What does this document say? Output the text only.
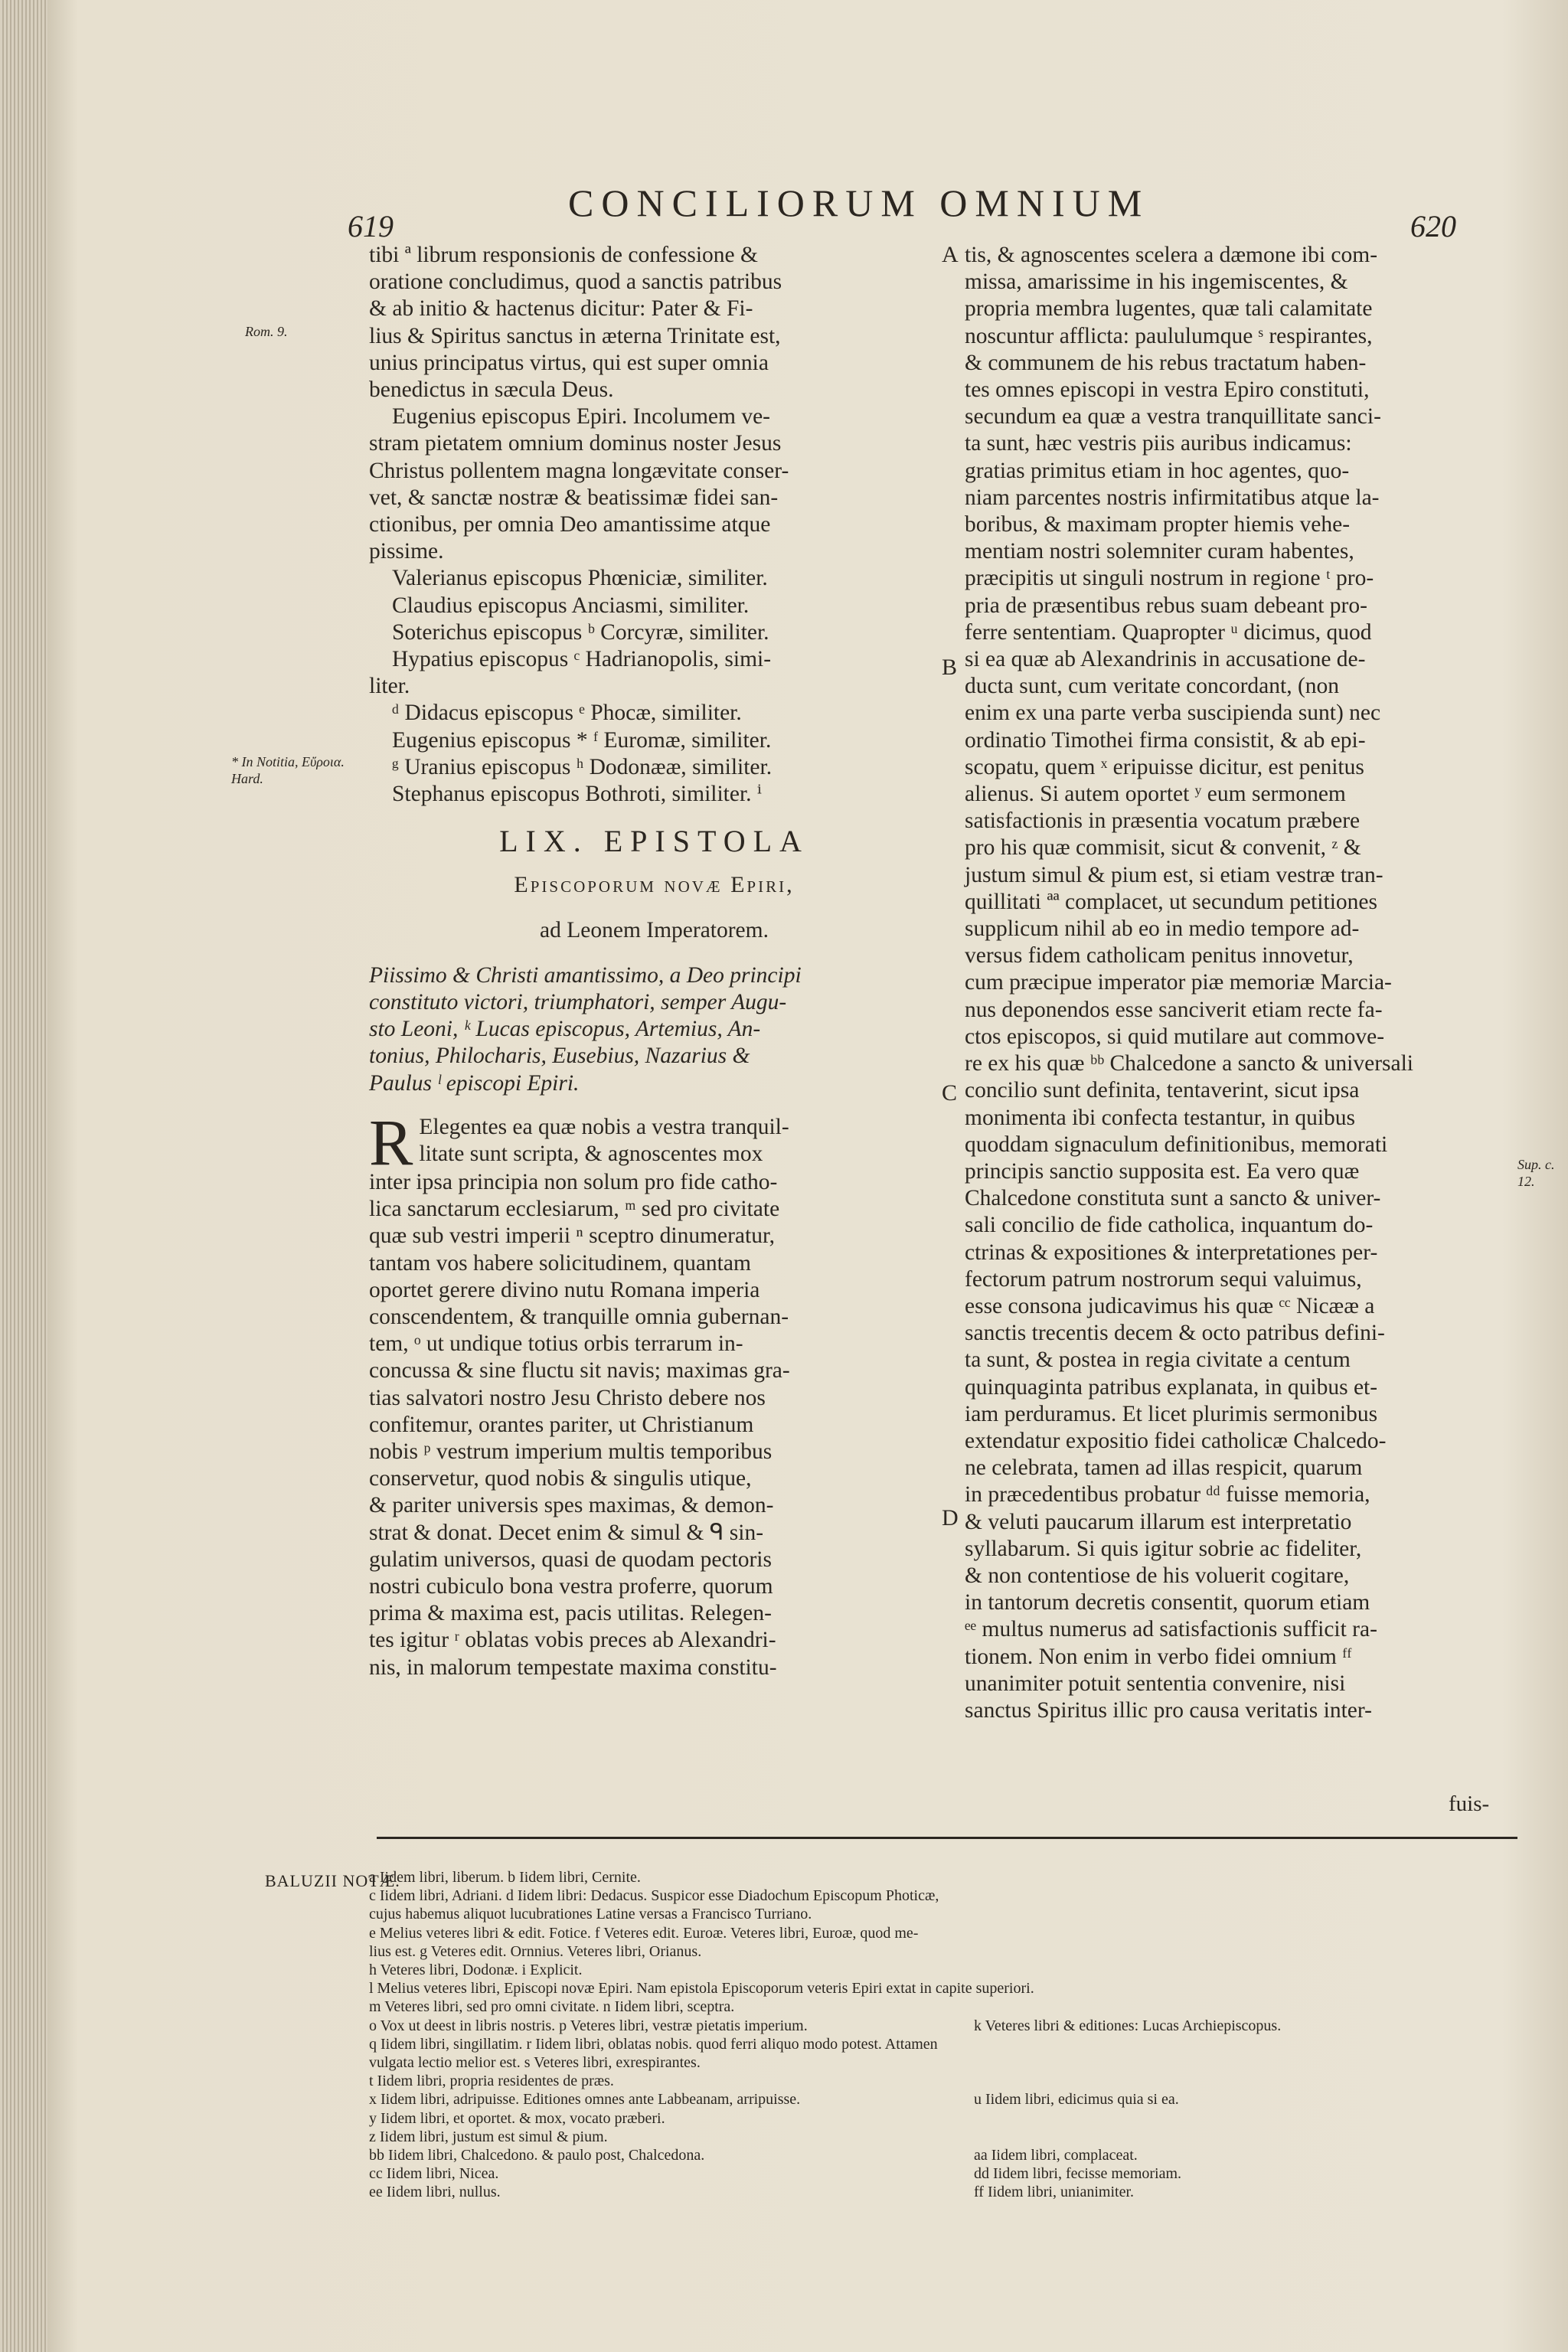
619
CONCILIORUM OMNIUM
620
Rom. 9.
* In Notitia, Εὔροια. Hard.
Sup. c. 12.
A
B
C
D

tibi ª librum responsionis de confessione &

oratione concludimus, quod a sanctis patribus

& ab initio & hactenus dicitur: Pater & Fi-

lius & Spiritus sanctus in æterna Trinitate est,

unius principatus virtus, qui est super omnia

benedictus in sæcula Deus.

Eugenius episcopus Epiri. Incolumem ve-

stram pietatem omnium dominus noster Jesus

Christus pollentem magna longævitate conser-

vet, & sanctæ nostræ & beatissimæ fidei san-

ctionibus, per omnia Deo amantissime atque

pissime.

Valerianus episcopus Phœniciæ, similiter.

Claudius episcopus Anciasmi, similiter.

Soterichus episcopus ᵇ Corcyræ, similiter.

Hypatius episcopus ᶜ Hadrianopolis, simi-

liter.

ᵈ Didacus episcopus ᵉ Phocæ, similiter.

Eugenius episcopus * ᶠ Euromæ, similiter.

ᵍ Uranius episcopus ʰ Dodonææ, similiter.

Stephanus episcopus Bothroti, similiter. ⁱ

LIX. EPISTOLA

Episcoporum novæ Epiri,

ad Leonem Imperatorem.

Piissimo & Christi amantissimo, a Deo principi

constituto victori, triumphatori, semper Augu-

sto Leoni, ᵏ Lucas episcopus, Artemius, An-

tonius, Philocharis, Eusebius, Nazarius &

Paulus ˡ episcopi Epiri.

R Elegentes ea quæ nobis a vestra tranquil-

litate sunt scripta, & agnoscentes mox

inter ipsa principia non solum pro fide catho-

lica sanctarum ecclesiarum, ᵐ sed pro civitate

quæ sub vestri imperii ⁿ sceptro dinumeratur,

tantam vos habere solicitudinem, quantam

oportet gerere divino nutu Romana imperia

conscendentem, & tranquille omnia gubernan-

tem, ᵒ ut undique totius orbis terrarum in-

concussa & sine fluctu sit navis; maximas gra-

tias salvatori nostro Jesu Christo debere nos

confitemur, orantes pariter, ut Christianum

nobis ᵖ vestrum imperium multis temporibus

conservetur, quod nobis & singulis utique,

& pariter universis spes maximas, & demon-

strat & donat. Decet enim & simul & ᑫ sin-

gulatim universos, quasi de quodam pectoris

nostri cubiculo bona vestra proferre, quorum

prima & maxima est, pacis utilitas. Relegen-

tes igitur ʳ oblatas vobis preces ab Alexandri-

nis, in malorum tempestate maxima constitu-

tis, & agnoscentes scelera a dæmone ibi com-

missa, amarissime in his ingemiscentes, &

propria membra lugentes, quæ tali calamitate

noscuntur afflicta: paululumque ˢ respirantes,

& communem de his rebus tractatum haben-

tes omnes episcopi in vestra Epiro constituti,

secundum ea quæ a vestra tranquillitate sanci-

ta sunt, hæc vestris piis auribus indicamus:

gratias primitus etiam in hoc agentes, quo-

niam parcentes nostris infirmitatibus atque la-

boribus, & maximam propter hiemis vehe-

mentiam nostri solemniter curam habentes,

præcipitis ut singuli nostrum in regione ᵗ pro-

pria de præsentibus rebus suam debeant pro-

ferre sententiam. Quapropter ᵘ dicimus, quod

si ea quæ ab Alexandrinis in accusatione de-

ducta sunt, cum veritate concordant, (non

enim ex una parte verba suscipienda sunt) nec

ordinatio Timothei firma consistit, & ab epi-

scopatu, quem ˣ eripuisse dicitur, est penitus

alienus. Si autem oportet ʸ eum sermonem

satisfactionis in præsentia vocatum præbere

pro his quæ commisit, sicut & convenit, ᶻ &

justum simul & pium est, si etiam vestræ tran-

quillitati ªª complacet, ut secundum petitiones

supplicum nihil ab eo in medio tempore ad-

versus fidem catholicam penitus innovetur,

cum præcipue imperator piæ memoriæ Marcia-

nus deponendos esse sanciverit etiam recte fa-

ctos episcopos, si quid mutilare aut commove-

re ex his quæ ᵇᵇ Chalcedone a sancto & universali

concilio sunt definita, tentaverint, sicut ipsa

monimenta ibi confecta testantur, in quibus

quoddam signaculum definitionibus, memorati

principis sanctio supposita est. Ea vero quæ

Chalcedone constituta sunt a sancto & univer-

sali concilio de fide catholica, inquantum do-

ctrinas & expositiones & interpretationes per-

fectorum patrum nostrorum sequi valuimus,

esse consona judicavimus his quæ ᶜᶜ Nicææ a

sanctis trecentis decem & octo patribus defini-

ta sunt, & postea in regia civitate a centum

quinquaginta patribus explanata, in quibus et-

iam perduramus. Et licet plurimis sermonibus

extendatur expositio fidei catholicæ Chalcedo-

ne celebrata, tamen ad illas respicit, quarum

in præcedentibus probatur ᵈᵈ fuisse memoria,

& veluti paucarum illarum est interpretatio

syllabarum. Si quis igitur sobrie ac fideliter,

& non contentiose de his voluerit cogitare,

in tantorum decretis consentit, quorum etiam

ᵉᵉ multus numerus ad satisfactionis sufficit ra-

tionem. Non enim in verbo fidei omnium ᶠᶠ

unanimiter potuit sententia convenire, nisi

sanctus Spiritus illic pro causa veritatis inter-

fuis-
BALUZII NOTÆ.

a Iidem libri, liberum. b Iidem libri, Cernite.

c Iidem libri, Adriani. d Iidem libri: Dedacus. Suspicor esse Diadochum Episcopum Photicæ,

cujus habemus aliquot lucubrationes Latine versas a Francisco Turriano.

e Melius veteres libri & edit. Fotice. f Veteres edit. Euroæ. Veteres libri, Euroæ, quod me-

lius est. g Veteres edit. Ornnius. Veteres libri, Orianus.

h Veteres libri, Dodonæ. i Explicit.

l Melius veteres libri, Episcopi novæ Epiri. Nam epistola Episcoporum veteris Epiri extat in capite superiori.

m Veteres libri, sed pro omni civitate. n Iidem libri, sceptra.

o Vox ut deest in libris nostris. p Veteres libri, vestræ pietatis imperium.

q Iidem libri, singillatim. r Iidem libri, oblatas nobis. quod ferri aliquo modo potest. Attamen

vulgata lectio melior est. s Veteres libri, exrespirantes.

t Iidem libri, propria residentes de præs.

x Iidem libri, adripuisse. Editiones omnes ante Labbeanam, arripuisse.

y Iidem libri, et oportet. & mox, vocato præberi.

z Iidem libri, justum est simul & pium.

bb Iidem libri, Chalcedono. & paulo post, Chalcedona.

cc Iidem libri, Nicea.

ee Iidem libri, nullus.

k Veteres libri & editiones: Lucas Archiepiscopus.

u Iidem libri, edicimus quia si ea.

aa Iidem libri, complaceat.

dd Iidem libri, fecisse memoriam.

ff Iidem libri, unianimiter.
